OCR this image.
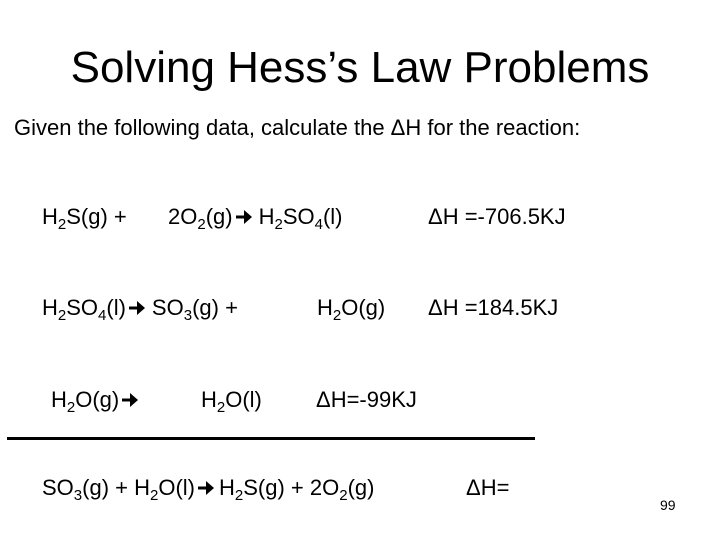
Solving Hess’s Law Problems
Given the following data, calculate the ΔH for the reaction:
$H_2S(g) + 2O_2(g)$ $H_2SO_4(l)$	ΔH =-706.5KJ
$H_2SO_4(l) SO_3(g)$ +	$H_2O(g)$ ΔH =184.5KJ
$H_2O(g)$	$H_2O(l)$ ΔH=-99KJ
$SO_3(g) + H_2O(l) H_2S(g) + 2O_2(g)$	ΔH=
99
